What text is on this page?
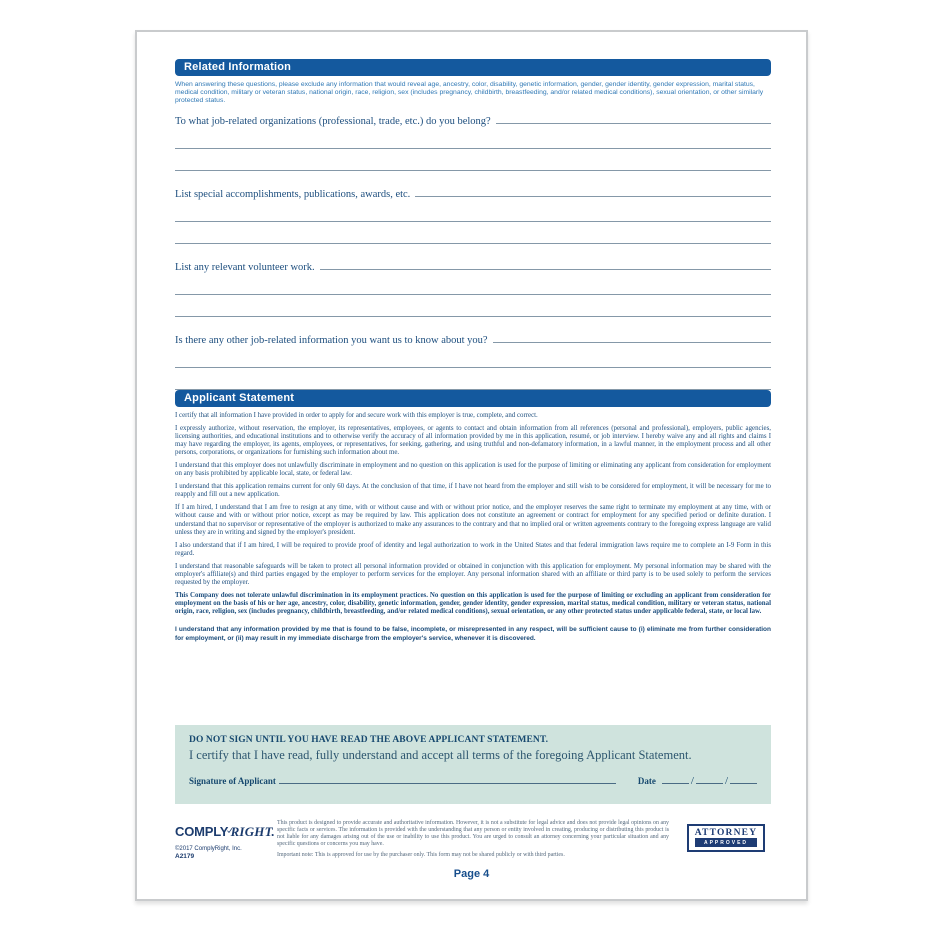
Related Information
When answering these questions, please exclude any information that would reveal age, ancestry, color, disability, genetic information, gender, gender identity, gender expression, marital status, medical condition, military or veteran status, national origin, race, religion, sex (includes pregnancy, childbirth, breastfeeding, and/or related medical conditions), sexual orientation, or other similarly protected status.
To what job-related organizations (professional, trade, etc.) do you belong?
List special accomplishments, publications, awards, etc.
List any relevant volunteer work.
Is there any other job-related information you want us to know about you?
Applicant Statement

I certify that all information I have provided in order to apply for and secure work with this employer is true, complete, and correct.

I expressly authorize, without reservation, the employer, its representatives, employees, or agents to contact and obtain information from all references (personal and professional), employers, public agencies, licensing authorities, and educational institutions and to otherwise verify the accuracy of all information provided by me in this application, resumé, or job interview. I hereby waive any and all rights and claims I may have regarding the employer, its agents, employees, or representatives, for seeking, gathering, and using truthful and non-defamatory information, in a lawful manner, in the employment process and all other persons, corporations, or organizations for furnishing such information about me.

I understand that this employer does not unlawfully discriminate in employment and no question on this application is used for the purpose of limiting or eliminating any applicant from consideration for employment on any basis prohibited by applicable local, state, or federal law.

I understand that this application remains current for only 60 days. At the conclusion of that time, if I have not heard from the employer and still wish to be considered for employment, it will be necessary for me to reapply and fill out a new application.

If I am hired, I understand that I am free to resign at any time, with or without cause and with or without prior notice, and the employer reserves the same right to terminate my employment at any time, with or without cause and with or without prior notice, except as may be required by law. This application does not constitute an agreement or contract for employment for any specified period or definite duration. I understand that no supervisor or representative of the employer is authorized to make any assurances to the contrary and that no implied oral or written agreements contrary to the foregoing express language are valid unless they are in writing and signed by the employer's president.

I also understand that if I am hired, I will be required to provide proof of identity and legal authorization to work in the United States and that federal immigration laws require me to complete an I-9 Form in this regard.

I understand that reasonable safeguards will be taken to protect all personal information provided or obtained in conjunction with this application for employment. My personal information may be shared with the employer's affiliate(s) and third parties engaged by the employer to perform services for the employer. Any personal information shared with an affiliate or third party is to be used solely to perform the services requested by the employer.

This Company does not tolerate unlawful discrimination in its employment practices. No question on this application is used for the purpose of limiting or excluding an applicant from consideration for employment on the basis of his or her age, ancestry, color, disability, genetic information, gender, gender identity, gender expression, marital status, medical condition, military or veteran status, national origin, race, religion, sex (includes pregnancy, childbirth, breastfeeding, and/or related medical conditions), sexual orientation, or any other protected status under applicable federal, state, or local law.

I understand that any information provided by me that is found to be false, incomplete, or misrepresented in any respect, will be sufficient cause to (i) eliminate me from further consideration for employment, or (ii) may result in my immediate discharge from the employer's service, whenever it is discovered.

DO NOT SIGN UNTIL YOU HAVE READ THE ABOVE APPLICANT STATEMENT.
I certify that I have read, fully understand and accept all terms of the foregoing Applicant Statement.
Signature of Applicant	Date	/	/
COMPLY RIGHT.
©2017 ComplyRight, Inc.
A2179
This product is designed to provide accurate and authoritative information. However, it is not a substitute for legal advice and does not provide legal opinions on any specific facts or services. The information is provided with the understanding that any person or entity involved in creating, producing or distributing this product is not liable for any damages arising out of the use or inability to use this product. You are urged to consult an attorney concerning your particular situation and any specific questions or concerns you may have.
Important note: This is approved for use by the purchaser only. This form may not be shared publicly or with third parties.
ATTORNEY
APPROVED
Page 4
